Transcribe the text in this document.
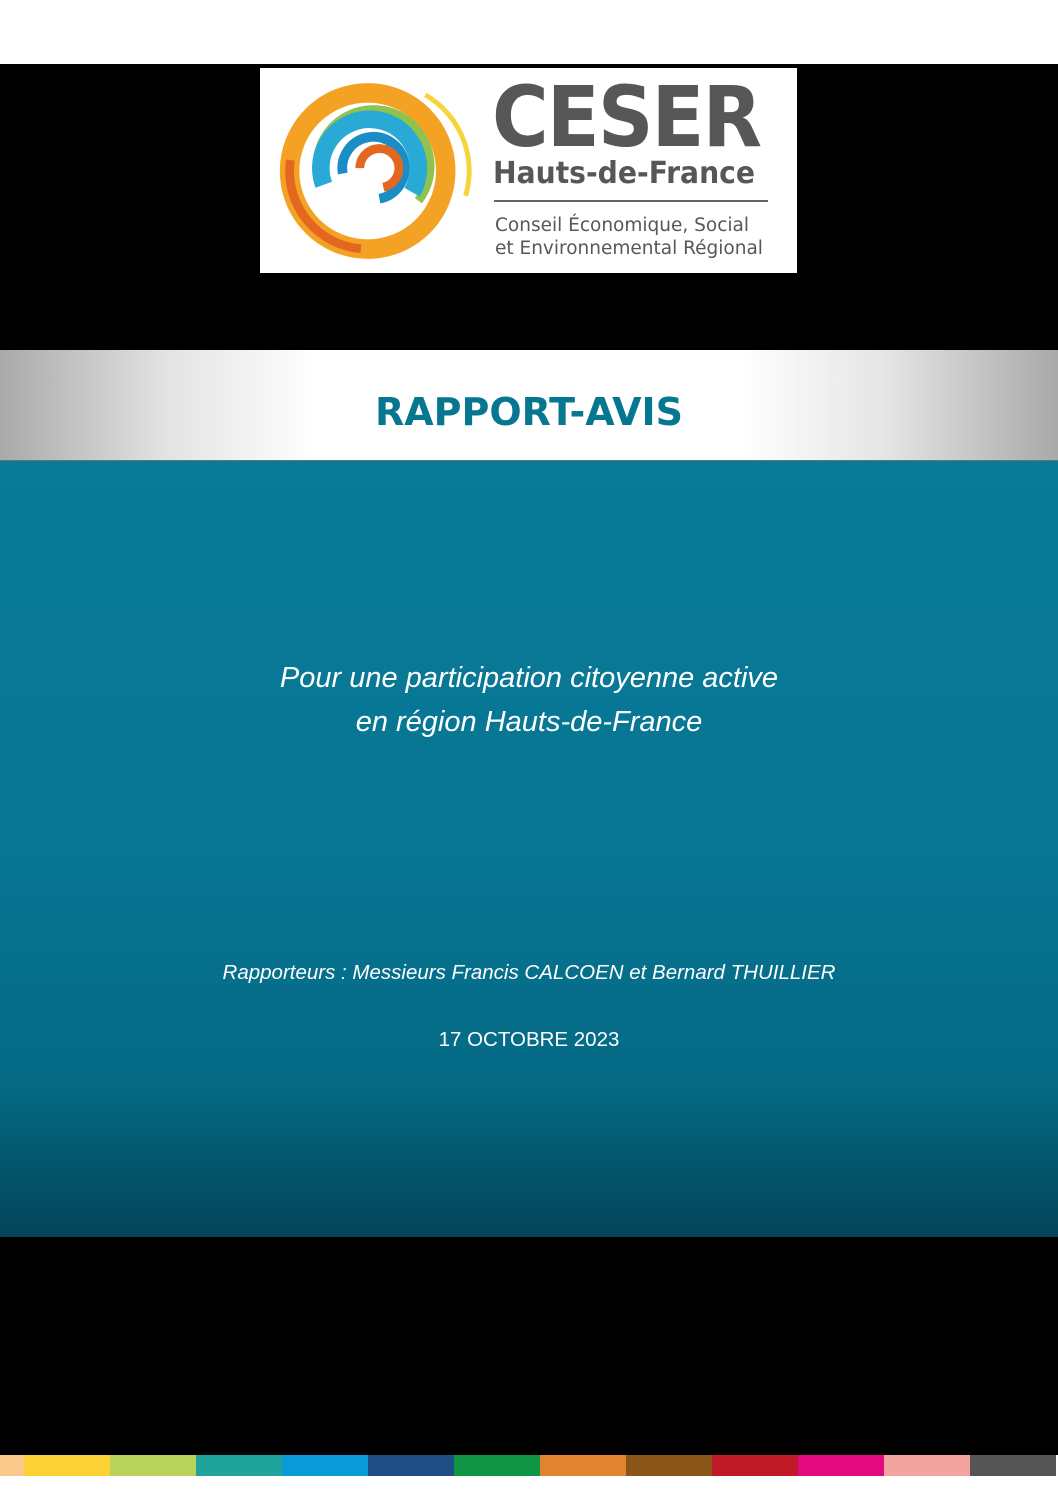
CESER
Hauts-de-France
Conseil Économique, Social
et Environnemental Régional
RAPPORT-AVIS
Pour une participation citoyenne active
en région Hauts-de-France
Rapporteurs : Messieurs Francis CALCOEN et Bernard THUILLIER
17 OCTOBRE 2023
